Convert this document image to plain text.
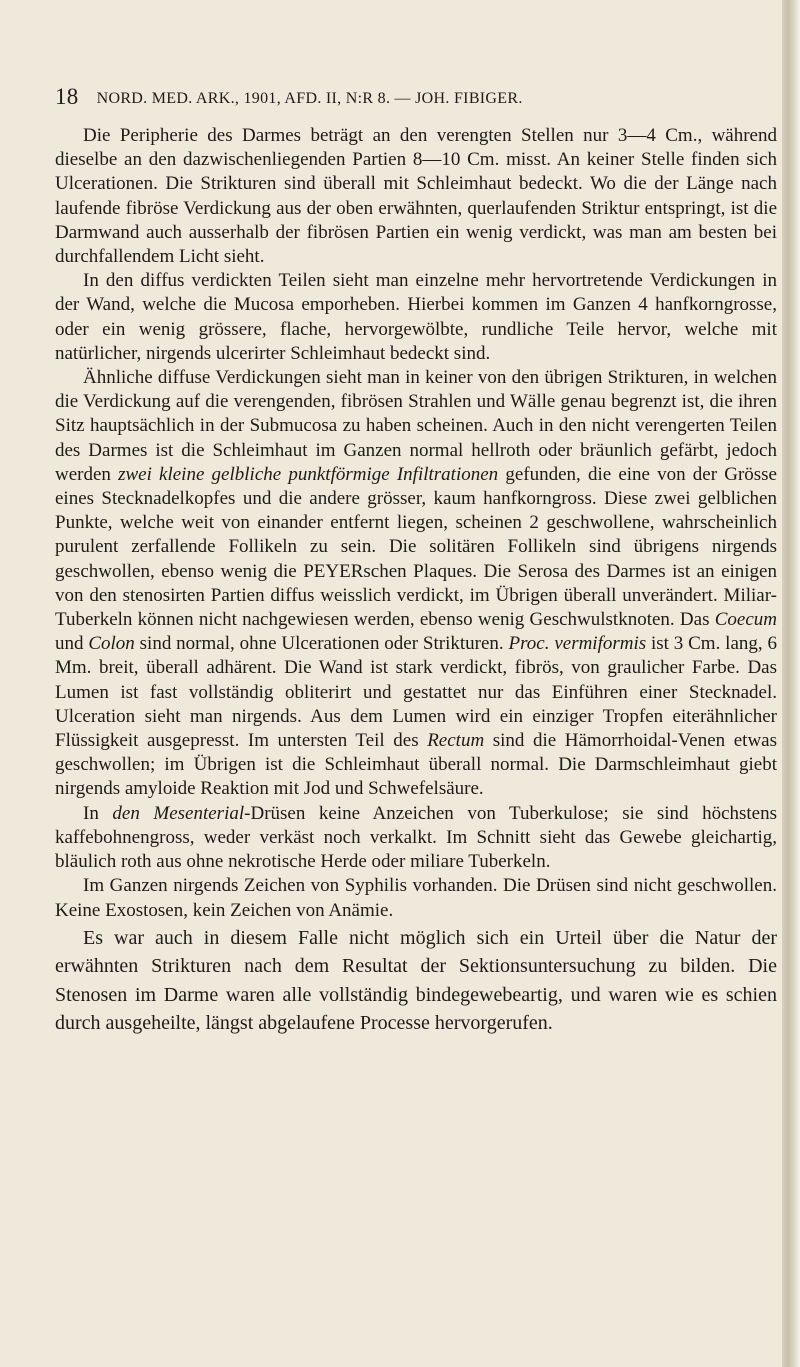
18 NORD. MED. ARK., 1901, AFD. II, N:R 8. — JOH. FIBIGER.

Die Peripherie des Darmes beträgt an den verengten Stellen nur 3—4 Cm., während dieselbe an den dazwischenliegenden Partien 8—10 Cm. misst. An keiner Stelle finden sich Ulcerationen. Die Strikturen sind überall mit Schleimhaut bedeckt. Wo die der Länge nach laufende fibröse Verdickung aus der oben erwähnten, querlaufenden Striktur entspringt, ist die Darmwand auch ausserhalb der fibrösen Partien ein wenig verdickt, was man am besten bei durchfallendem Licht sieht.

In den diffus verdickten Teilen sieht man einzelne mehr hervortretende Verdickungen in der Wand, welche die Mucosa emporheben. Hierbei kommen im Ganzen 4 hanfkorngrosse, oder ein wenig grössere, flache, hervorgewölbte, rundliche Teile hervor, welche mit natürlicher, nirgends ulcerirter Schleimhaut bedeckt sind.

Ähnliche diffuse Verdickungen sieht man in keiner von den übrigen Strikturen, in welchen die Verdickung auf die verengenden, fibrösen Strahlen und Wälle genau begrenzt ist, die ihren Sitz hauptsächlich in der Submucosa zu haben scheinen. Auch in den nicht verengerten Teilen des Darmes ist die Schleimhaut im Ganzen normal hellroth oder bräunlich gefärbt, jedoch werden zwei kleine gelbliche punktförmige Infiltrationen gefunden, die eine von der Grösse eines Stecknadelkopfes und die andere grösser, kaum hanfkorngross. Diese zwei gelblichen Punkte, welche weit von einander entfernt liegen, scheinen 2 geschwollene, wahrscheinlich purulent zerfallende Follikeln zu sein. Die solitären Follikeln sind übrigens nirgends geschwollen, ebenso wenig die PEYERschen Plaques. Die Serosa des Darmes ist an einigen von den stenosirten Partien diffus weisslich verdickt, im Übrigen überall unverändert. Miliar-Tuberkeln können nicht nachgewiesen werden, ebenso wenig Geschwulstknoten. Das Coecum und Colon sind normal, ohne Ulcerationen oder Strikturen. Proc. vermiformis ist 3 Cm. lang, 6 Mm. breit, überall adhärent. Die Wand ist stark verdickt, fibrös, von graulicher Farbe. Das Lumen ist fast vollständig obliterirt und gestattet nur das Einführen einer Stecknadel. Ulceration sieht man nirgends. Aus dem Lumen wird ein einziger Tropfen eiterähnlicher Flüssigkeit ausgepresst. Im untersten Teil des Rectum sind die Hämorrhoidal-Venen etwas geschwollen; im Übrigen ist die Schleimhaut überall normal. Die Darmschleimhaut giebt nirgends amyloide Reaktion mit Jod und Schwefelsäure.

In den Mesenterial-Drüsen keine Anzeichen von Tuberkulose; sie sind höchstens kaffebohnengross, weder verkäst noch verkalkt. Im Schnitt sieht das Gewebe gleichartig, bläulich roth aus ohne nekrotische Herde oder miliare Tuberkeln.

Im Ganzen nirgends Zeichen von Syphilis vorhanden. Die Drüsen sind nicht geschwollen. Keine Exostosen, kein Zeichen von Anämie.

Es war auch in diesem Falle nicht möglich sich ein Urteil über die Natur der erwähnten Strikturen nach dem Resultat der Sektionsuntersuchung zu bilden. Die Stenosen im Darme waren alle vollständig bindegewebeartig, und waren wie es schien durch ausgeheilte, längst abgelaufene Processe hervorgerufen.
